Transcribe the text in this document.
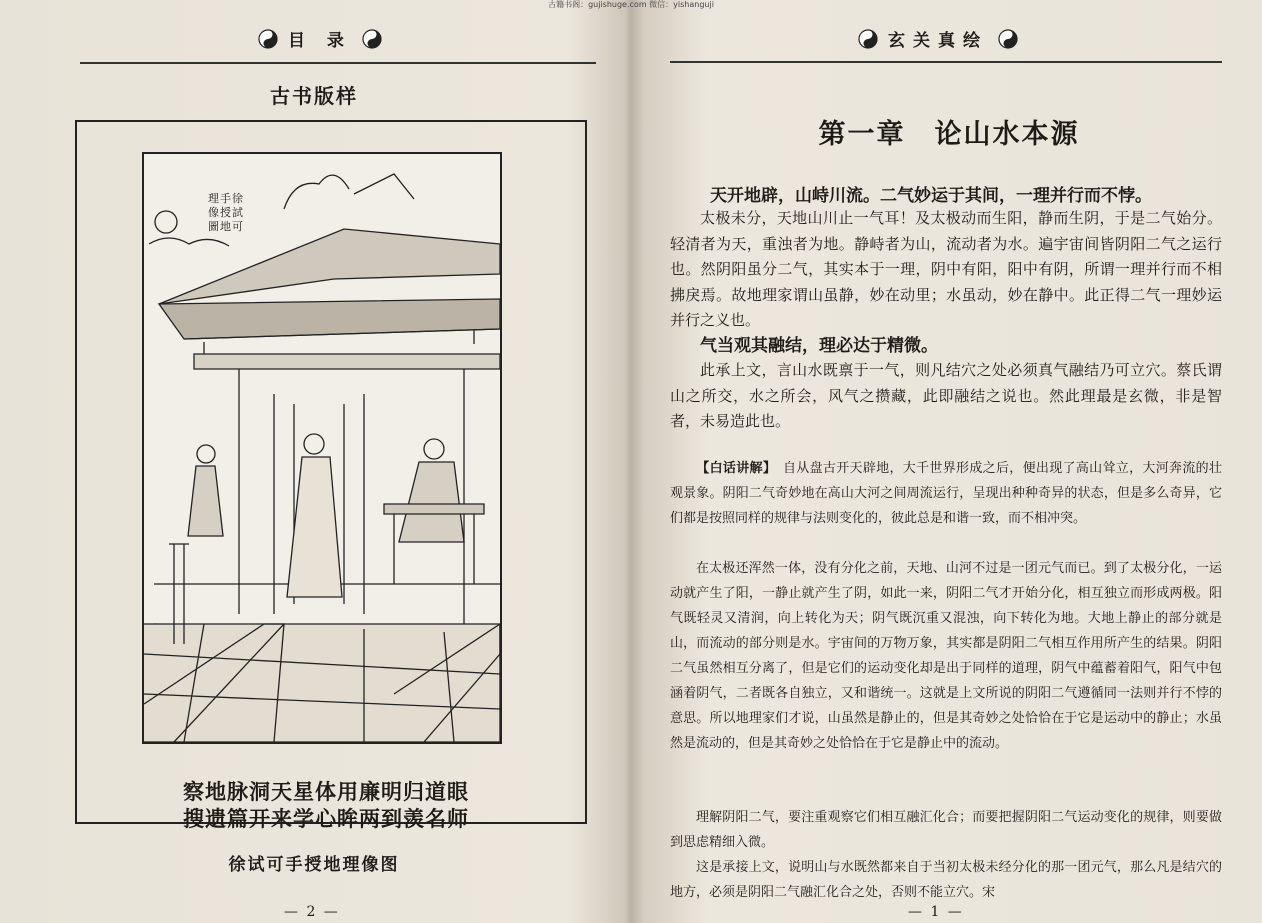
古籍书阁：gujishuge.com 微信：yishanguji
目 录
古书版样
徐
試
可
手
授
地
理
像
圖
察地脉洞天星体用廉明归道眼
搜遗篇开来学心眸两到羡名师
徐试可手授地理像图
— 2 —
玄关真绘
第一章　论山水本源

天开地辟，山峙川流。二气妙运于其间，一理并行而不悖。

太极未分，天地山川止一气耳！及太极动而生阳，静而生阴，于是二气始分。轻清者为天，重浊者为地。静峙者为山，流动者为水。遍宇宙间皆阴阳二气之运行也。然阴阳虽分二气，其实本于一理，阴中有阳，阳中有阴，所谓一理并行而不相拂戾焉。故地理家谓山虽静，妙在动里；水虽动，妙在静中。此正得二气一理妙运并行之义也。

气当观其融结，理必达于精微。

此承上文，言山水既禀于一气，则凡结穴之处必须真气融结乃可立穴。蔡氏谓山之所交，水之所会，风气之攒藏，此即融结之说也。然此理最是玄微，非是智者，未易造此也。

【白话讲解】　 自从盘古开天辟地，大千世界形成之后，便出现了高山耸立，大河奔流的壮观景象。阴阳二气奇妙地在高山大河之间周流运行，呈现出种种奇异的状态，但是多么奇异，它们都是按照同样的规律与法则变化的，彼此总是和谐一致，而不相冲突。

在太极还浑然一体，没有分化之前，天地、山河不过是一团元气而已。到了太极分化，一运动就产生了阳，一静止就产生了阴，如此一来，阴阳二气才开始分化，相互独立而形成两极。阳气既轻灵又清润，向上转化为天；阴气既沉重又混浊，向下转化为地。大地上静止的部分就是山，而流动的部分则是水。宇宙间的万物万象，其实都是阴阳二气相互作用所产生的结果。阴阳二气虽然相互分离了，但是它们的运动变化却是出于同样的道理，阴气中蕴蓄着阳气，阳气中包涵着阴气，二者既各自独立，又和谐统一。这就是上文所说的阴阳二气遵循同一法则并行不悖的意思。所以地理家们才说，山虽然是静止的，但是其奇妙之处恰恰在于它是运动中的静止；水虽然是流动的，但是其奇妙之处恰恰在于它是静止中的流动。

理解阴阳二气，要注重观察它们相互融汇化合；而要把握阴阳二气运动变化的规律，则要做到思虑精细入微。

这是承接上文，说明山与水既然都来自于当初太极未经分化的那一团元气，那么凡是结穴的地方，必须是阴阳二气融汇化合之处，否则不能立穴。宋

— 1 —
